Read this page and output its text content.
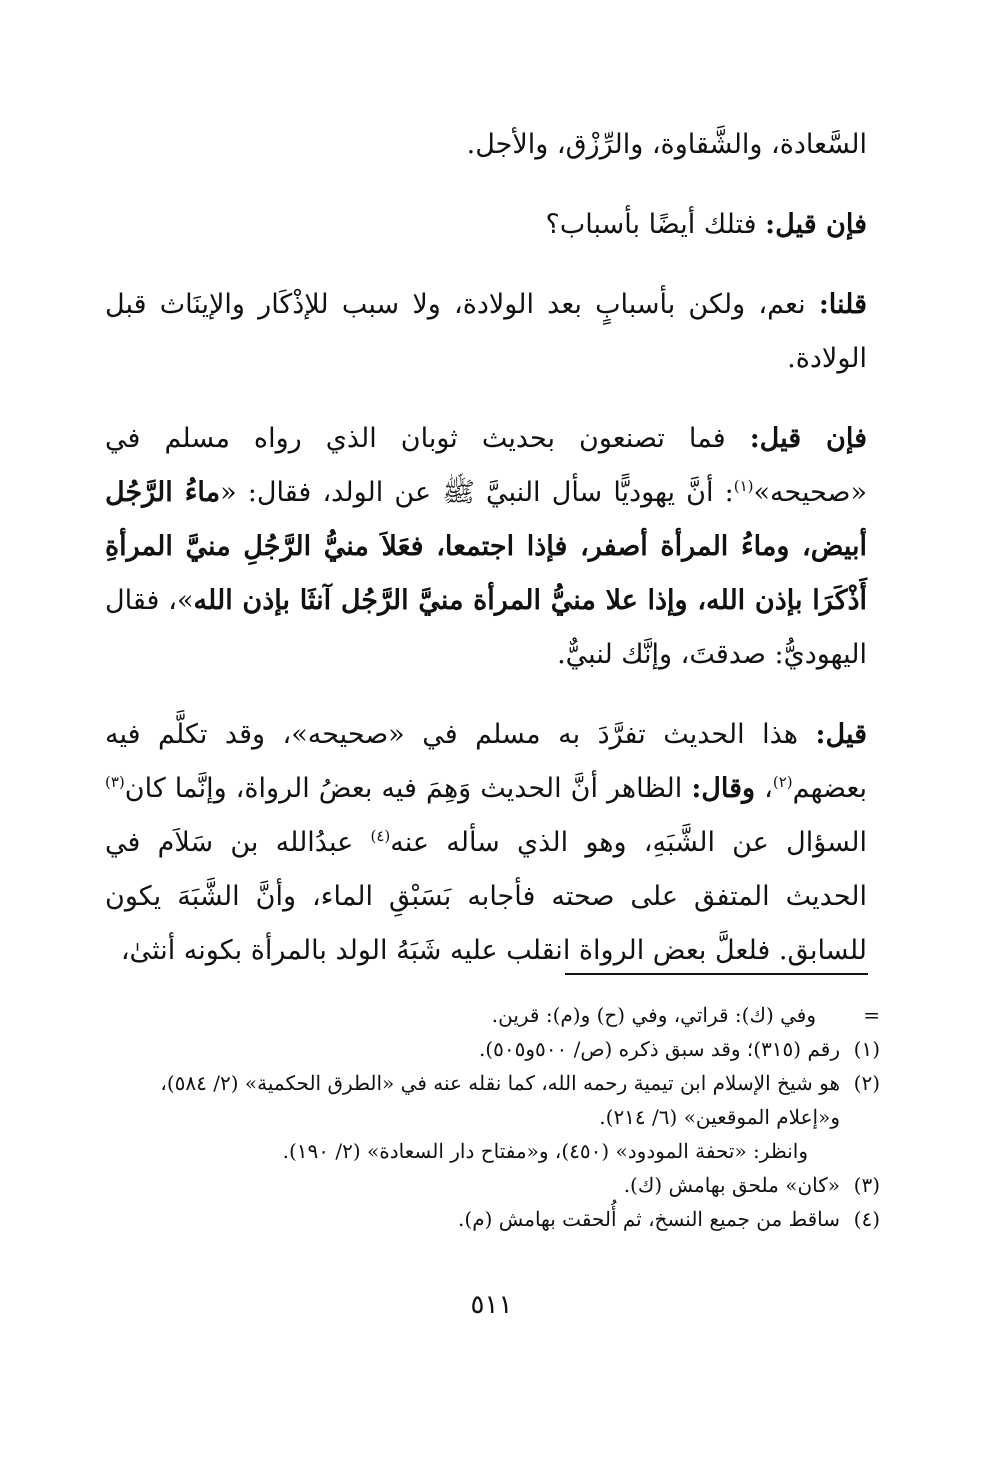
السَّعادة، والشَّقاوة، والرِّزْق، والأجل.

فإن قيل: فتلك أيضًا بأسباب؟

قلنا: نعم، ولكن بأسبابٍ بعد الولادة، ولا سبب للإذْكَار والإينَاث قبل الولادة.

فإن قيل: فما تصنعون بحديث ثوبان الذي رواه مسلم في «صحيحه»$^{(١)}$: أنَّ يهوديًّا سأل النبيَّ ﷺ عن الولد، فقال: «ماءُ الرَّجُل أبيض، وماءُ المرأة أصفر، فإذا اجتمعا، فعَلاَ منيُّ الرَّجُلِ منيَّ المرأةِ أَذْكَرَا بإذن الله، وإذا علا منيُّ المرأة منيَّ الرَّجُل آنثَا بإذن الله»، فقال اليهوديُّ: صدقتَ، وإنَّك لنبيٌّ.

قيل: هذا الحديث تفرَّدَ به مسلم في «صحيحه»، وقد تكلَّم فيه بعضهم$^{(٢)}$، وقال: الظاهر أنَّ الحديث وَهِمَ فيه بعضُ الرواة، وإنَّما كان$^{(٣)}$ السؤال عن الشَّبَهِ، وهو الذي سأله عنه$^{(٤)}$ عبدُالله بن سَلاَم في الحديث المتفق على صحته فأجابه بَسَبْقِ الماء، وأنَّ الشَّبَهَ يكون للسابق. فلعلَّ بعض الرواة انقلب عليه شَبَهُ الولد بالمرأة بكونه أنثىٰ،

=
وفي (ك): قراتي، وفي (ح) و(م): قرين.
(١)
رقم (٣١٥)؛ وقد سبق ذكره (ص/ ٥٠٠و٥٠٥).
(٢)
هو شيخ الإسلام ابن تيمية رحمه الله، كما نقله عنه في «الطرق الحكمية» (٢/ ٥٨٤)، و«إعلام الموقعين» (٦/ ٢١٤).
وانظر: «تحفة المودود» (٤٥٠)، و«مفتاح دار السعادة» (٢/ ١٩٠).
(٣)
«كان» ملحق بهامش (ك).
(٤)
ساقط من جميع النسخ، ثم أُلحقت بهامش (م).
٥١١
